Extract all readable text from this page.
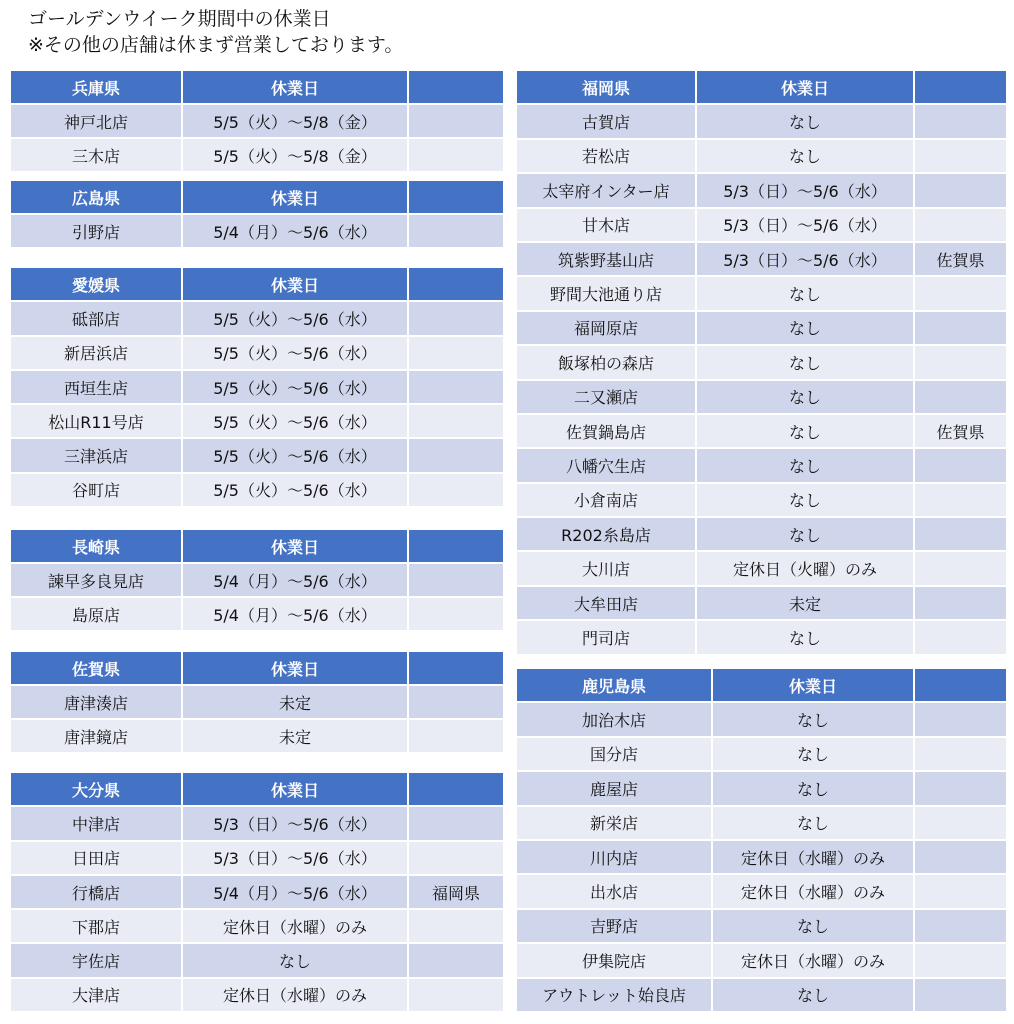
ゴールデンウイーク期間中の休業日
※その他の店舗は休まず営業しております。
兵庫県	休業日	
神戸北店	5/5（火）～5/8（金）	
三木店	5/5（火）～5/8（金）	
広島県	休業日	
引野店	5/4（月）～5/6（水）	
愛媛県	休業日	
砥部店	5/5（火）～5/6（水）	
新居浜店	5/5（火）～5/6（水）	
西垣生店	5/5（火）～5/6（水）	
松山R11号店	5/5（火）～5/6（水）	
三津浜店	5/5（火）～5/6（水）	
谷町店	5/5（火）～5/6（水）	
長崎県	休業日	
諫早多良見店	5/4（月）～5/6（水）	
島原店	5/4（月）～5/6（水）	
佐賀県	休業日	
唐津湊店	未定	
唐津鏡店	未定	
大分県	休業日	
中津店	5/3（日）～5/6（水）	
日田店	5/3（日）～5/6（水）	
行橋店	5/4（月）～5/6（水）	福岡県
下郡店	定休日（水曜）のみ	
宇佐店	なし	
大津店	定休日（水曜）のみ	
福岡県	休業日	
古賀店	なし	
若松店	なし	
太宰府インター店	5/3（日）～5/6（水）	
甘木店	5/3（日）～5/6（水）	
筑紫野基山店	5/3（日）～5/6（水）	佐賀県
野間大池通り店	なし	
福岡原店	なし	
飯塚柏の森店	なし	
二又瀬店	なし	
佐賀鍋島店	なし	佐賀県
八幡穴生店	なし	
小倉南店	なし	
R202糸島店	なし	
大川店	定休日（火曜）のみ	
大牟田店	未定	
門司店	なし	
鹿児島県	休業日	
加治木店	なし	
国分店	なし	
鹿屋店	なし	
新栄店	なし	
川内店	定休日（水曜）のみ	
出水店	定休日（水曜）のみ	
吉野店	なし	
伊集院店	定休日（水曜）のみ	
アウトレット始良店	なし	
